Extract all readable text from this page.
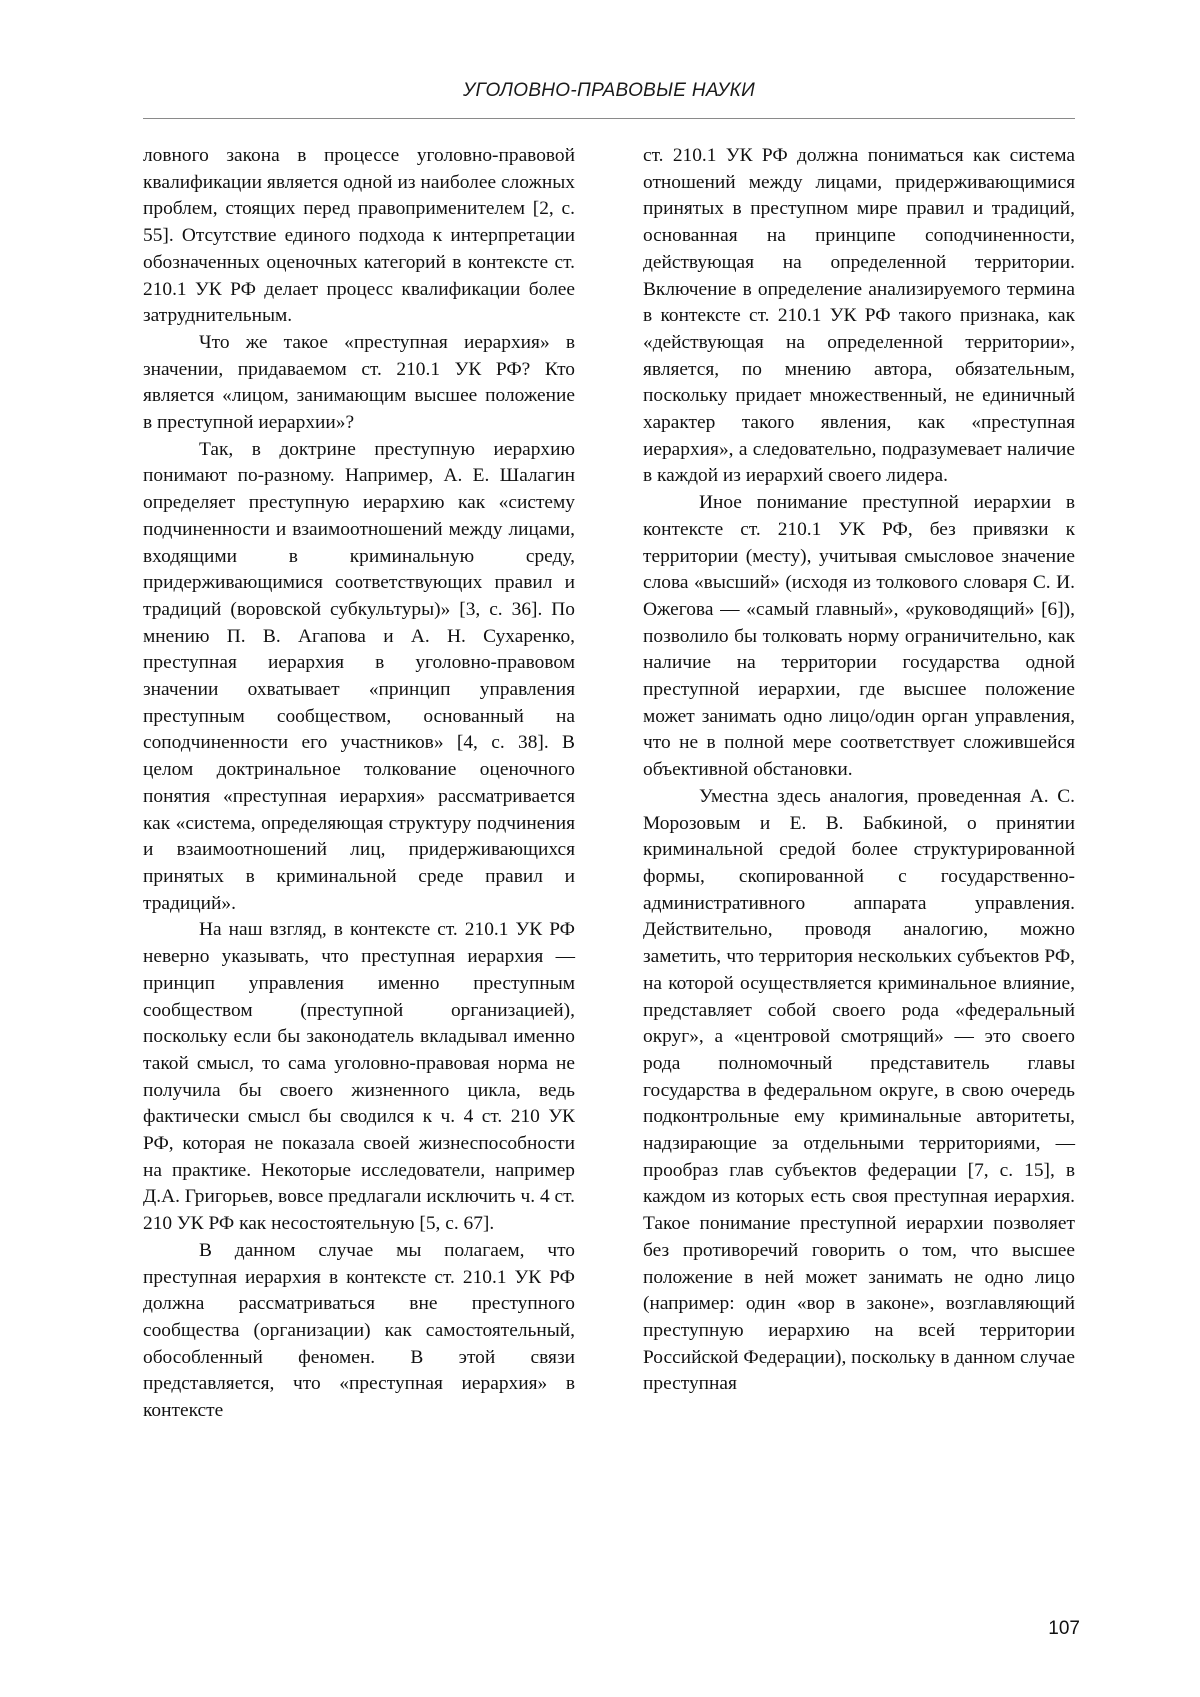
УГОЛОВНО-ПРАВОВЫЕ НАУКИ

ловного закона в процессе уголовно-правовой квалификации является одной из наиболее сложных проблем, стоящих перед правоприменителем [2, с. 55]. Отсутствие единого подхода к интерпретации обозначенных оценочных категорий в контексте ст. 210.1 УК РФ делает процесс квалификации более затруднительным.

Что же такое «преступная иерархия» в значении, придаваемом ст. 210.1 УК РФ? Кто является «лицом, занимающим высшее положение в преступной иерархии»?

Так, в доктрине преступную иерархию понимают по-разному. Например, А. Е. Шалагин определяет преступную иерархию как «систему подчиненности и взаимоотношений между лицами, входящими в криминальную среду, придерживающимися соответствующих правил и традиций (воровской субкультуры)» [3, с. 36]. По мнению П. В. Агапова и А. Н. Сухаренко, преступная иерархия в уголовно-правовом значении охватывает «принцип управления преступным сообществом, основанный на соподчиненности его участников» [4, с. 38]. В целом доктринальное толкование оценочного понятия «преступная иерархия» рассматривается как «система, определяющая структуру подчинения и взаимоотношений лиц, придерживающихся принятых в криминальной среде правил и традиций».

На наш взгляд, в контексте ст. 210.1 УК РФ неверно указывать, что преступная иерархия — принцип управления именно преступным сообществом (преступной организацией), поскольку если бы законодатель вкладывал именно такой смысл, то сама уголовно-правовая норма не получила бы своего жизненного цикла, ведь фактически смысл бы сводился к ч. 4 ст. 210 УК РФ, которая не показала своей жизнеспособности на практике. Некоторые исследователи, например Д.А. Григорьев, вовсе предлагали исключить ч. 4 ст. 210 УК РФ как несостоятельную [5, с. 67].

В данном случае мы полагаем, что преступная иерархия в контексте ст. 210.1 УК РФ должна рассматриваться вне преступного сообщества (организации) как самостоятельный, обособленный феномен. В этой связи представляется, что «преступная иерархия» в контексте

ст. 210.1 УК РФ должна пониматься как система отношений между лицами, придерживающимися принятых в преступном мире правил и традиций, основанная на принципе соподчиненности, действующая на определенной территории. Включение в определение анализируемого термина в контексте ст. 210.1 УК РФ такого признака, как «действующая на определенной территории», является, по мнению автора, обязательным, поскольку придает множественный, не единичный характер такого явления, как «преступная иерархия», а следовательно, подразумевает наличие в каждой из иерархий своего лидера.

Иное понимание преступной иерархии в контексте ст. 210.1 УК РФ, без привязки к территории (месту), учитывая смысловое значение слова «высший» (исходя из толкового словаря С. И. Ожегова — «самый главный», «руководящий» [6]), позволило бы толковать норму ограничительно, как наличие на территории государства одной преступной иерархии, где высшее положение может занимать одно лицо/один орган управления, что не в полной мере соответствует сложившейся объективной обстановки.

Уместна здесь аналогия, проведенная А. С. Морозовым и Е. В. Бабкиной, о принятии криминальной средой более структурированной формы, скопированной с государственно-административного аппарата управления. Действительно, проводя аналогию, можно заметить, что территория нескольких субъектов РФ, на которой осуществляется криминальное влияние, представляет собой своего рода «федеральный округ», а «центровой смотрящий» — это своего рода полномочный представитель главы государства в федеральном округе, в свою очередь подконтрольные ему криминальные авторитеты, надзирающие за отдельными территориями, — прообраз глав субъектов федерации [7, с. 15], в каждом из которых есть своя преступная иерархия. Такое понимание преступной иерархии позволяет без противоречий говорить о том, что высшее положение в ней может занимать не одно лицо (например: один «вор в законе», возглавляющий преступную иерархию на всей территории Российской Федерации), поскольку в данном случае преступная

107
